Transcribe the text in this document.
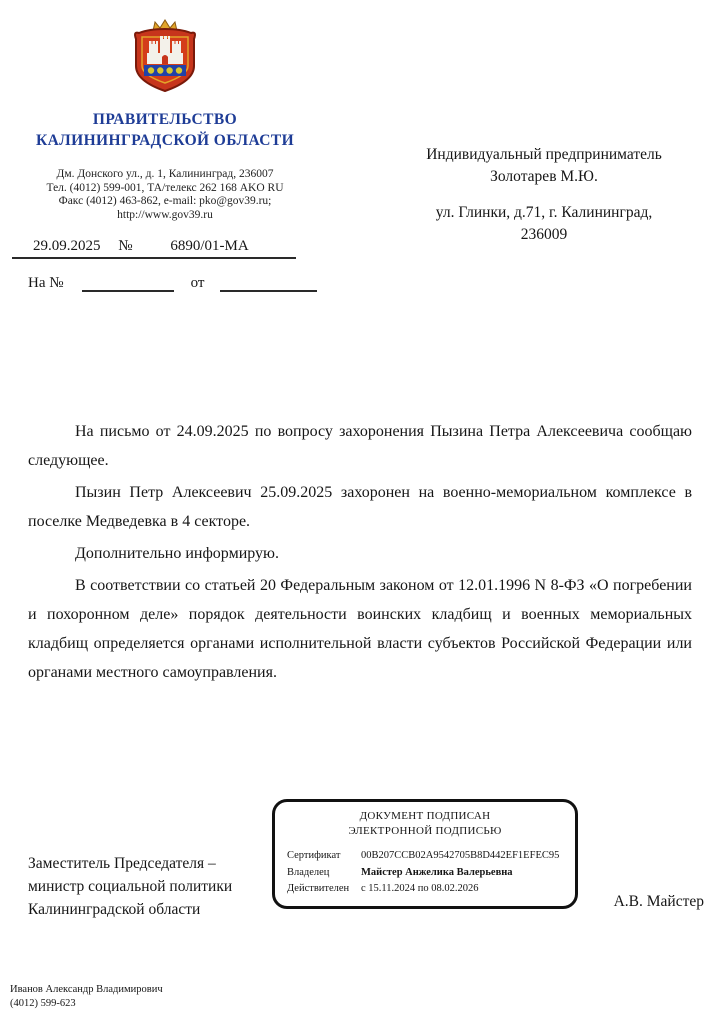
ПРАВИТЕЛЬСТВО
КАЛИНИНГРАДСКОЙ ОБЛАСТИ
Дм. Донского ул., д. 1, Калининград, 236007
Тел. (4012) 599-001, ТА/телекс 262 168 AKO RU
Факс (4012) 463-862, e-mail: pko@gov39.ru;
http://www.gov39.ru
29.09.2025 №	6890/01-МА
На №	от
Индивидуальный предприниматель
Золотарев М.Ю.
ул. Глинки, д.71, г. Калининград,
236009

На письмо от 24.09.2025 по вопросу захоронения Пызина Петра Алексеевича сообщаю следующее.

Пызин Петр Алексеевич 25.09.2025 захоронен на военно-мемориальном комплексе в поселке Медведевка в 4 секторе.

Дополнительно информирую.

В соответствии со статьей 20 Федеральным законом от 12.01.1996 N 8-ФЗ «О погребении и похоронном деле» порядок деятельности воинских кладбищ и военных мемориальных кладбищ определяется органами исполнительной власти субъектов Российской Федерации или органами местного самоуправления.

Заместитель Председателя –
министр социальной политики
Калининградской области
ДОКУМЕНТ ПОДПИСАН
ЭЛЕКТРОННОЙ ПОДПИСЬЮ
Сертификат	00B207CCB02A9542705B8D442EF1EFEC95
Владелец	Майстер Анжелика Валерьевна
Действителен	с 15.11.2024 по 08.02.2026
А.В. Майстер
Иванов Александр Владимирович
(4012) 599-623
